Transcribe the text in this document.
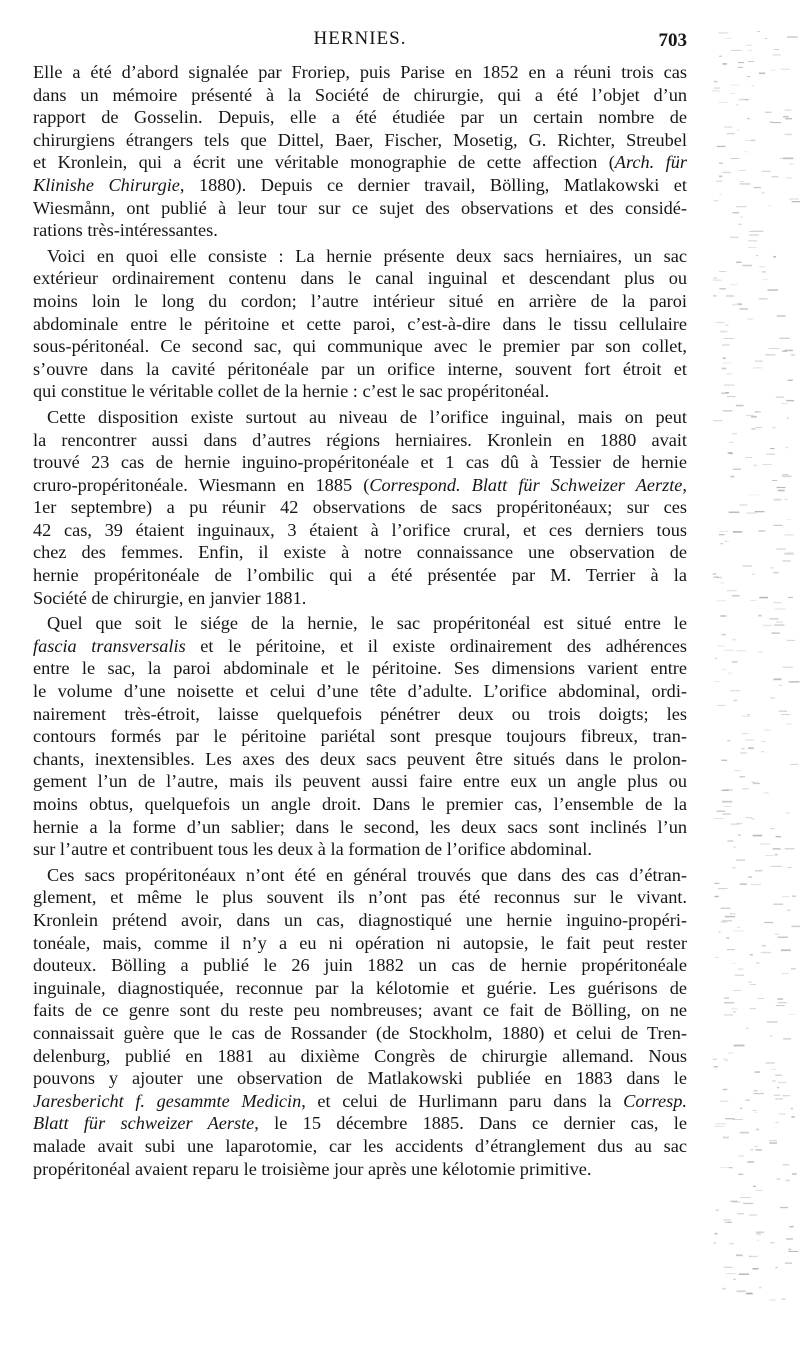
HERNIES.	703
Elle a été d’abord signalée par Froriep, puis Parise en 1852 en a réuni trois cas
dans un mémoire présenté à la Société de chirurgie, qui a été l’objet d’un
rapport de Gosselin. Depuis, elle a été étudiée par un certain nombre de
chirurgiens étrangers tels que Dittel, Baer, Fischer, Mosetig, G. Richter, Streubel
et Kronlein, qui a écrit une véritable monographie de cette affection (Arch. für
Klinishe Chirurgie, 1880). Depuis ce dernier travail, Bölling, Matlakowski et
Wiesmånn, ont publié à leur tour sur ce sujet des observations et des considé-
rations très-intéressantes.
Voici en quoi elle consiste : La hernie présente deux sacs herniaires, un sac
extérieur ordinairement contenu dans le canal inguinal et descendant plus ou
moins loin le long du cordon; l’autre intérieur situé en arrière de la paroi
abdominale entre le péritoine et cette paroi, c’est-à-dire dans le tissu cellulaire
sous-péritonéal. Ce second sac, qui communique avec le premier par son collet,
s’ouvre dans la cavité péritonéale par un orifice interne, souvent fort étroit et
qui constitue le véritable collet de la hernie : c’est le sac propéritonéal.
Cette disposition existe surtout au niveau de l’orifice inguinal, mais on peut
la rencontrer aussi dans d’autres régions herniaires. Kronlein en 1880 avait
trouvé 23 cas de hernie inguino-propéritonéale et 1 cas dû à Tessier de hernie
cruro-propéritonéale. Wiesmann en 1885 (Correspond. Blatt für Schweizer Aerzte,
1er septembre) a pu réunir 42 observations de sacs propéritonéaux; sur ces
42 cas, 39 étaient inguinaux, 3 étaient à l’orifice crural, et ces derniers tous
chez des femmes. Enfin, il existe à notre connaissance une observation de
hernie propéritonéale de l’ombilic qui a été présentée par M. Terrier à la
Société de chirurgie, en janvier 1881.
Quel que soit le siége de la hernie, le sac propéritonéal est situé entre le
fascia transversalis et le péritoine, et il existe ordinairement des adhérences
entre le sac, la paroi abdominale et le péritoine. Ses dimensions varient entre
le volume d’une noisette et celui d’une tête d’adulte. L’orifice abdominal, ordi-
nairement très-étroit, laisse quelquefois pénétrer deux ou trois doigts; les
contours formés par le péritoine pariétal sont presque toujours fibreux, tran-
chants, inextensibles. Les axes des deux sacs peuvent être situés dans le prolon-
gement l’un de l’autre, mais ils peuvent aussi faire entre eux un angle plus ou
moins obtus, quelquefois un angle droit. Dans le premier cas, l’ensemble de la
hernie a la forme d’un sablier; dans le second, les deux sacs sont inclinés l’un
sur l’autre et contribuent tous les deux à la formation de l’orifice abdominal.
Ces sacs propéritonéaux n’ont été en général trouvés que dans des cas d’étran-
glement, et même le plus souvent ils n’ont pas été reconnus sur le vivant.
Kronlein prétend avoir, dans un cas, diagnostiqué une hernie inguino-propéri-
tonéale, mais, comme il n’y a eu ni opération ni autopsie, le fait peut rester
douteux. Bölling a publié le 26 juin 1882 un cas de hernie propéritonéale
inguinale, diagnostiquée, reconnue par la kélotomie et guérie. Les guérisons de
faits de ce genre sont du reste peu nombreuses; avant ce fait de Bölling, on ne
connaissait guère que le cas de Rossander (de Stockholm, 1880) et celui de Tren-
delenburg, publié en 1881 au dixième Congrès de chirurgie allemand. Nous
pouvons y ajouter une observation de Matlakowski publiée en 1883 dans le
Jaresbericht f. gesammte Medicin, et celui de Hurlimann paru dans la Corresp.
Blatt für schweizer Aerste, le 15 décembre 1885. Dans ce dernier cas, le
malade avait subi une laparotomie, car les accidents d’étranglement dus au sac
propéritonéal avaient reparu le troisième jour après une kélotomie primitive.
